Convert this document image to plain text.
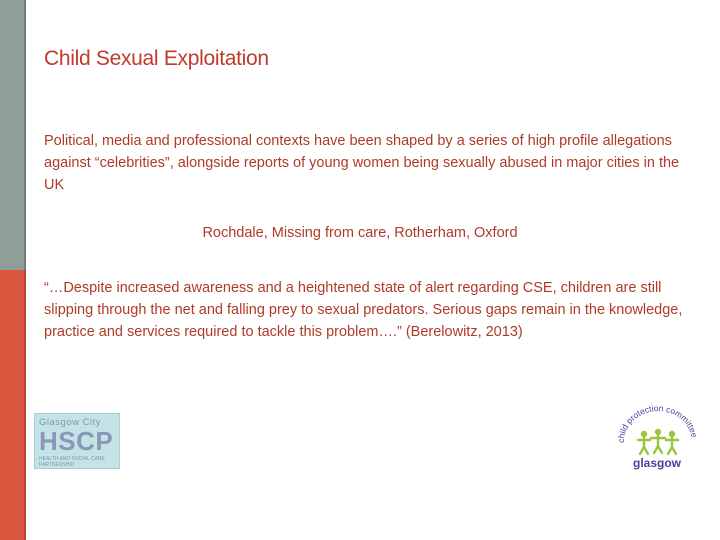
Child Sexual Exploitation
Political, media and professional contexts have been shaped by a series of high profile allegations against “celebrities”, alongside reports of young women being sexually abused in major cities in the UK
Rochdale, Missing from care, Rotherham, Oxford
“…Despite increased awareness and a heightened state of alert regarding CSE, children are still slipping through the net and falling prey to sexual predators. Serious gaps remain in the knowledge, practice and services required to tackle this problem….” (Berelowitz, 2013)
Glasgow City
HSCP
HEALTH AND SOCIAL CARE PARTNERSHIP
child protection committee
glasgow
